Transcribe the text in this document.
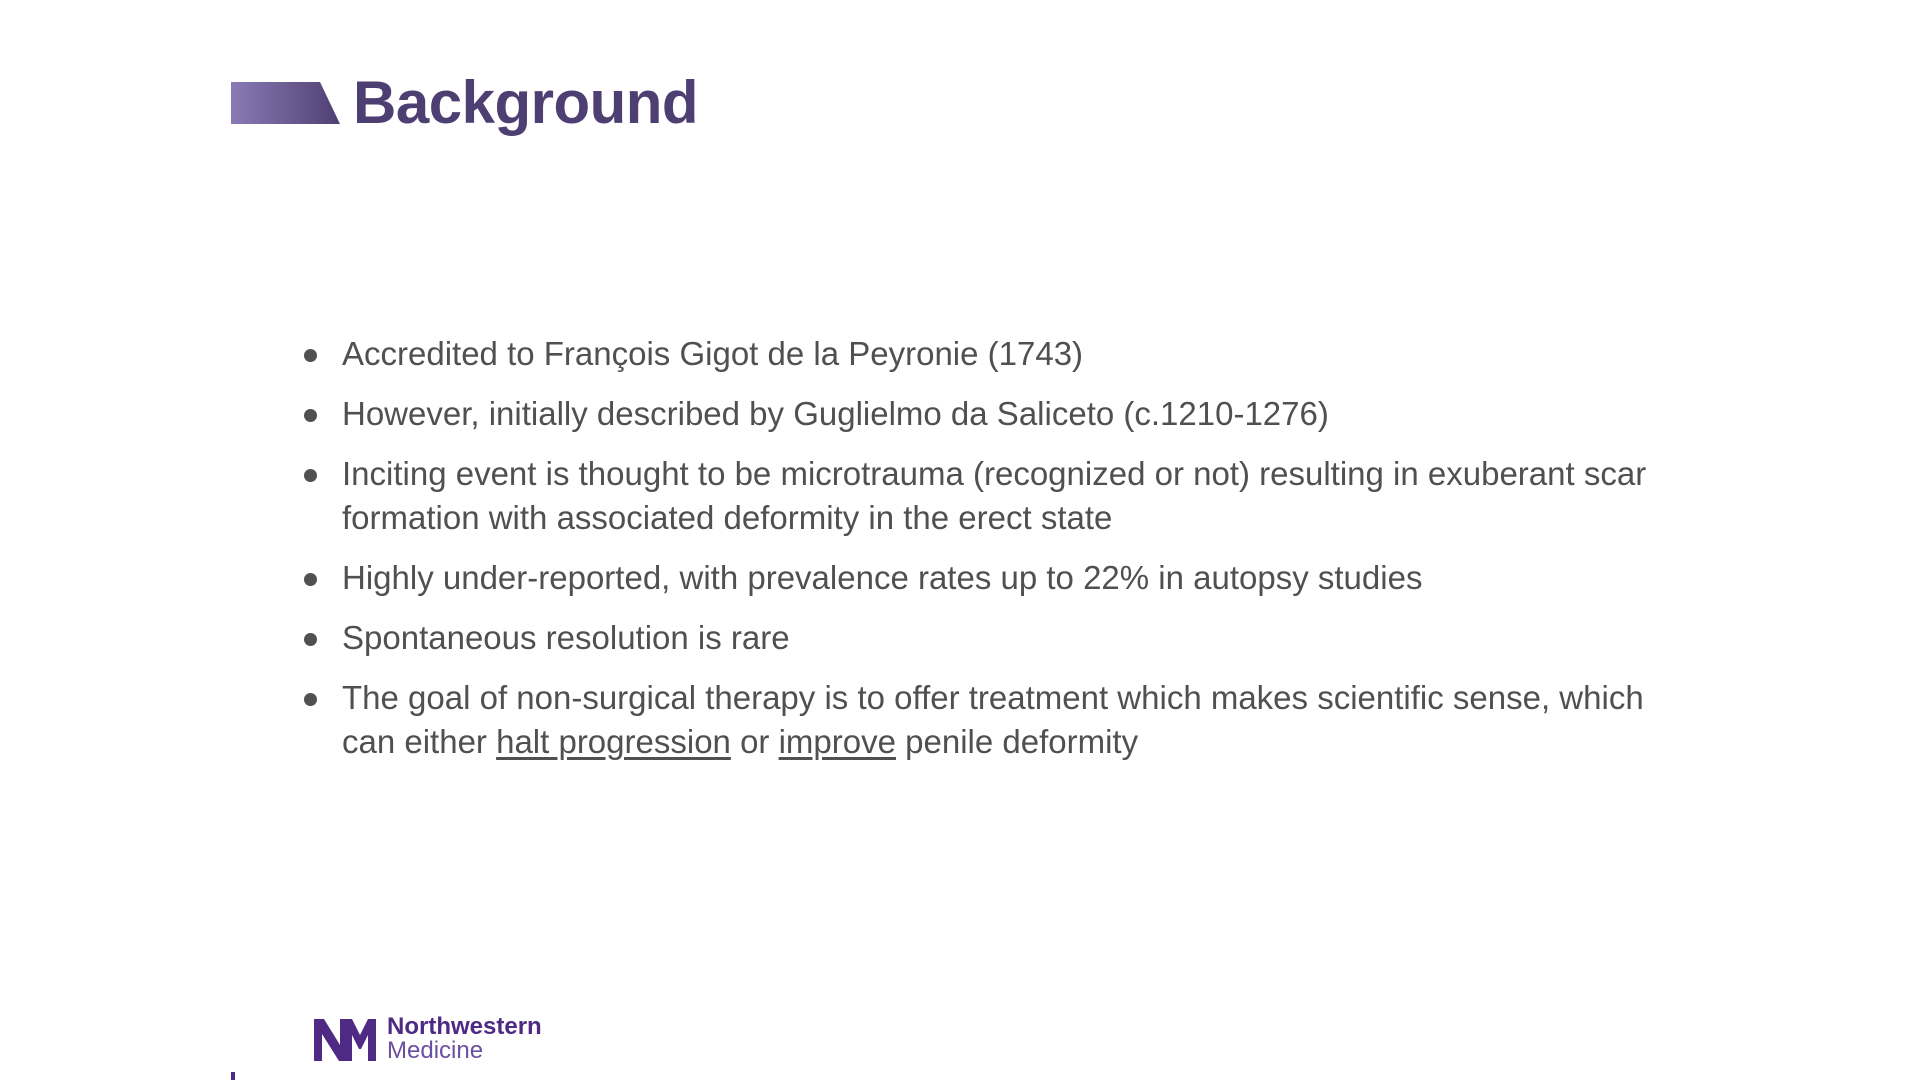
Background
Accredited to François Gigot de la Peyronie (1743)
However, initially described by Guglielmo da Saliceto (c.1210-1276)
Inciting event is thought to be microtrauma (recognized or not) resulting in exuberant scar formation with associated deformity in the erect state
Highly under-reported, with prevalence rates up to 22% in autopsy studies
Spontaneous resolution is rare
The goal of non-surgical therapy is to offer treatment which makes scientific sense, which can either halt progression or improve penile deformity
Northwestern
Medicine
